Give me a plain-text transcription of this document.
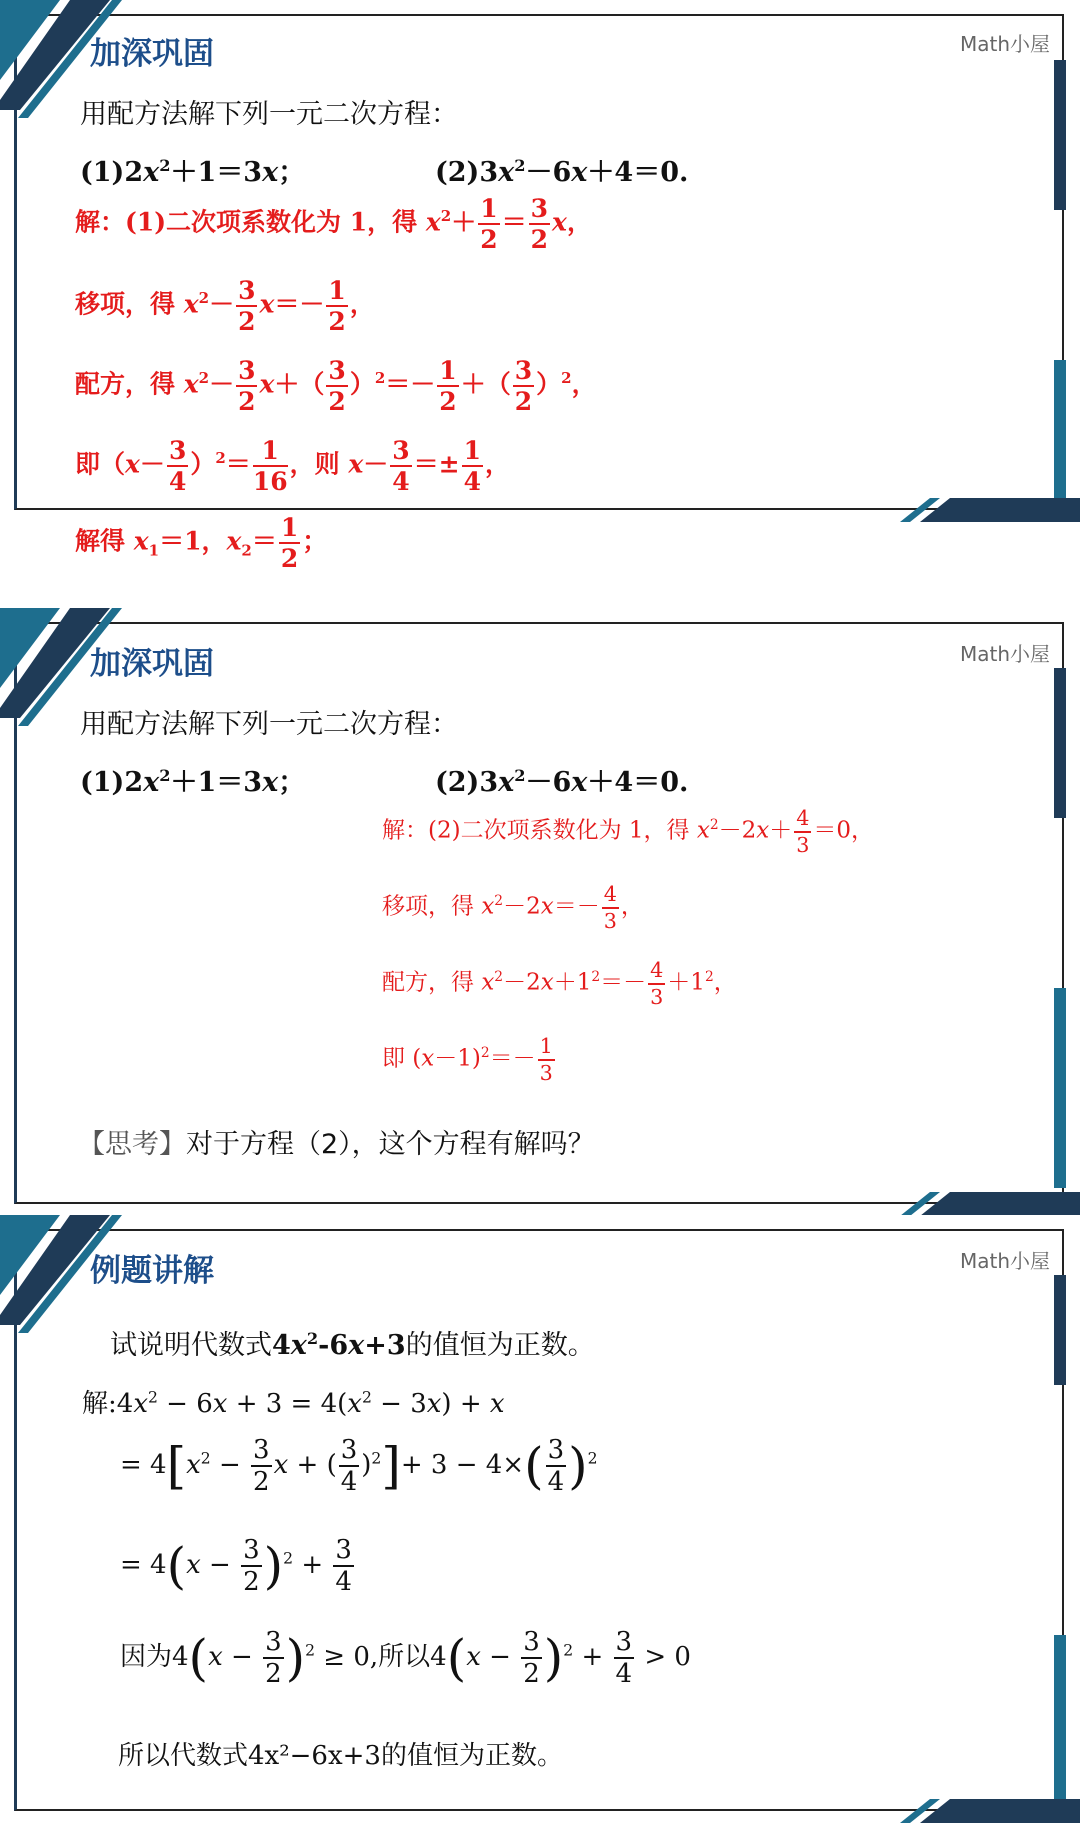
加深巩固	Math小屋
用配方法解下列一元二次方程：
$(1)2x^2+1=3x$；	$(2)3x^2-6x+4=0$.
解：(1)二次项系数化为 1，得 $x^2+ \frac{1}{2} = \frac{3}{2}$ x，
移项，得 $x^2- \frac{3}{2} x=- \frac{1}{2}$ ，
配方，得 $x^2- \frac{3}{2} x+( \frac{3}{2} )^2=- \frac{1}{2}$ ＋（ $\frac{3}{2} )^2$，
即$(x- \frac{3}{4} )^2= \frac{1}{16}$ ，则 $x- \frac{3}{4} =\pm \frac{1}{4}$ ，
解得 $x_1=1$，$x_2= \frac{1}{2}$ ；
加深巩固	Math小屋
用配方法解下列一元二次方程：
$(1)2x^2+1=3x$；	$(2)3x^2-6x+4=0$.
解：(2)二次项系数化为 1，得 $x^2-2x+ \frac{4}{3} =0$，
移项，得 $x^2-2x=- \frac{4}{3}$ ，
配方，得 $x^2-2x+1^2=- \frac{4}{3} +1^2$，
即 $(x-1)^2=- \frac{1}{3}$
【思考】对于方程（2），这个方程有解吗？
例题讲解	Math小屋
试说明代数式$4x^2-6x+3$的值恒为正数。
解$:4x^2 - 6x + 3 = 4(x^2 - 3x) + x$
= $4[x^2 - \frac{3}{2}$ x + ( $\frac{3}{4} )^2]+ 3 - 4\times( \frac{3}{4} )^2$
= $4(x - \frac{3}{2} )^2 + \frac{3}{4}$
因为$4(x - \frac{3}{2} )^2 \ge 0$,所以$4(x - \frac{3}{2} )^2 + \frac{3}{4} > 0$
所以代数式4x²−6x+3的值恒为正数。
